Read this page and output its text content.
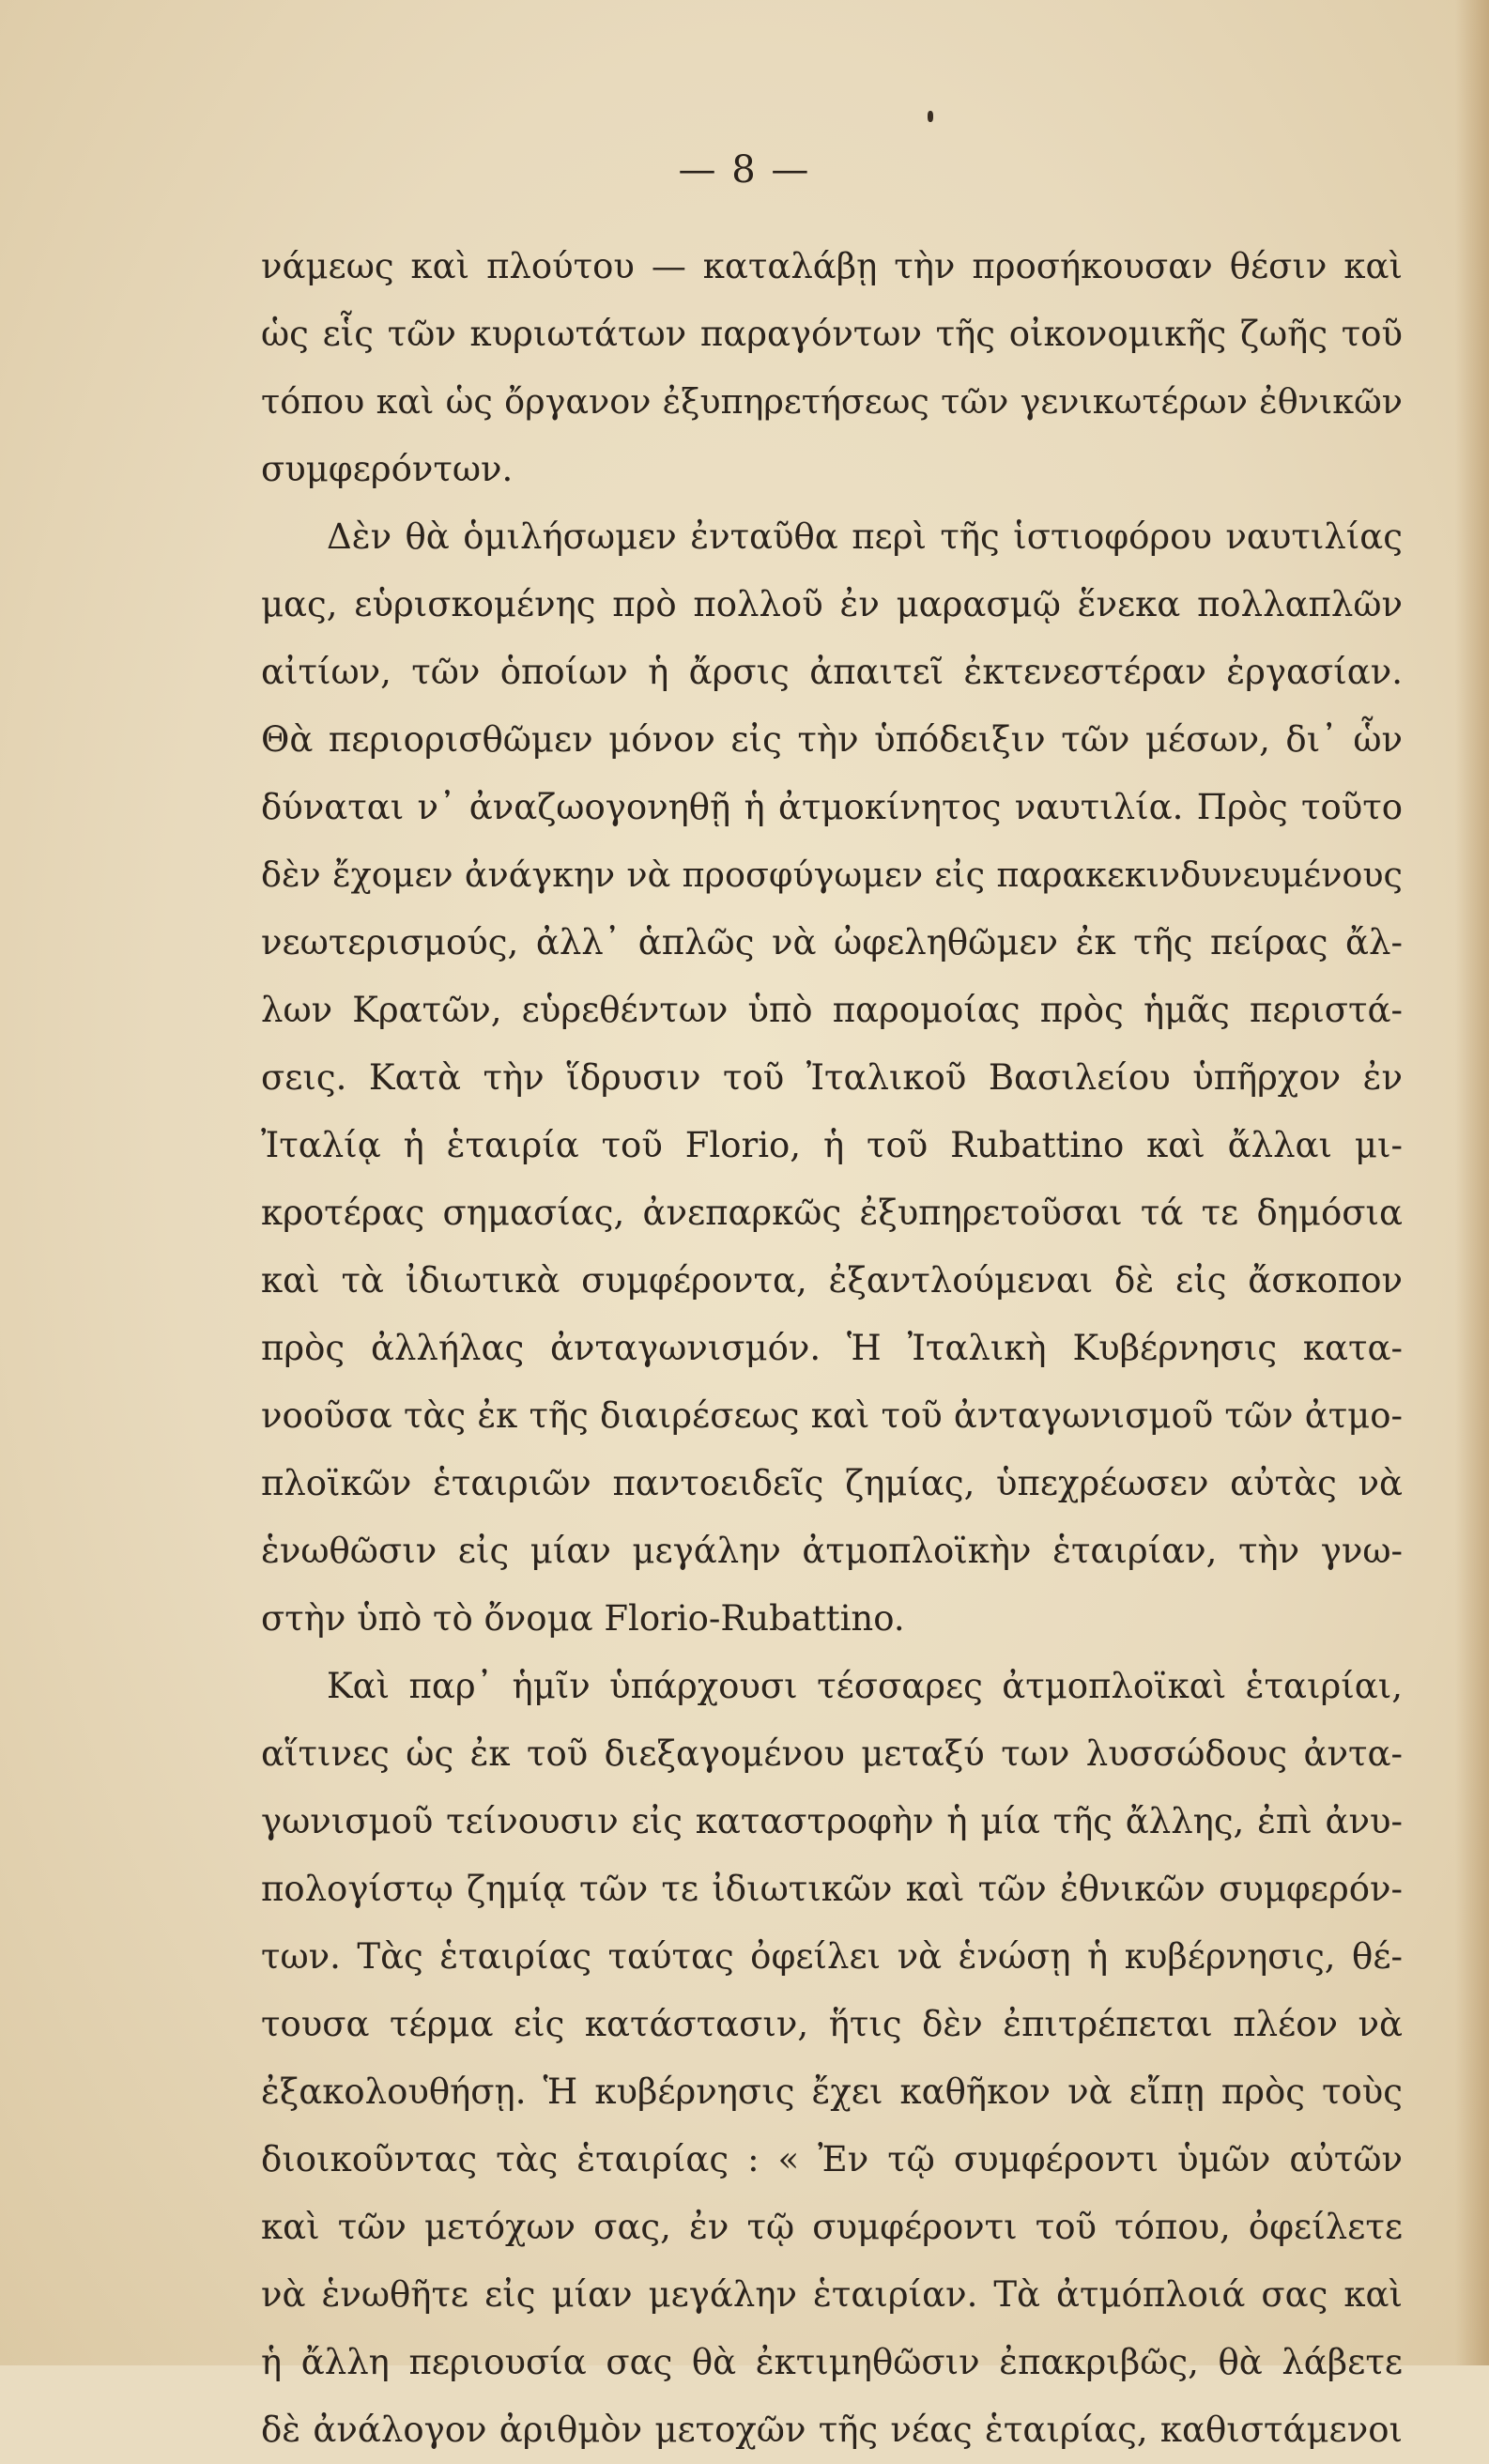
— 8 —
νάμεως καὶ πλούτου — καταλάβῃ τὴν προσήκουσαν θέσιν καὶ
ὡς εἷς τῶν κυριωτάτων παραγόντων τῆς οἰκονομικῆς ζωῆς τοῦ
τόπου καὶ ὡς ὄργανον ἐξυπηρετήσεως τῶν γενικωτέρων ἐθνικῶν
συμφερόντων.
Δὲν θὰ ὁμιλήσωμεν ἐνταῦθα περὶ τῆς ἱστιοφόρου ναυτιλίας
μας, εὑρισκομένης πρὸ πολλοῦ ἐν μαρασμῷ ἕνεκα πολλαπλῶν
αἰτίων, τῶν ὁποίων ἡ ἄρσις ἀπαιτεῖ ἐκτενεστέραν ἐργασίαν.
Θὰ περιορισθῶμεν μόνον εἰς τὴν ὑπόδειξιν τῶν μέσων, δι᾽ ὧν
δύναται ν᾽ ἀναζωογονηθῇ ἡ ἀτμοκίνητος ναυτιλία. Πρὸς τοῦτο
δὲν ἔχομεν ἀνάγκην νὰ προσφύγωμεν εἰς παρακεκινδυνευμένους
νεωτερισμούς, ἀλλ᾽ ἁπλῶς νὰ ὠφεληθῶμεν ἐκ τῆς πείρας ἄλ-
λων Κρατῶν, εὑρεθέντων ὑπὸ παρομοίας πρὸς ἡμᾶς περιστά-
σεις. Κατὰ τὴν ἵδρυσιν τοῦ Ἰταλικοῦ Βασιλείου ὑπῆρχον ἐν
Ἰταλίᾳ ἡ ἑταιρία τοῦ Florio, ἡ τοῦ Rubattino καὶ ἄλλαι μι-
κροτέρας σημασίας, ἀνεπαρκῶς ἐξυπηρετοῦσαι τά τε δημόσια
καὶ τὰ ἰδιωτικὰ συμφέροντα, ἐξαντλούμεναι δὲ εἰς ἄσκοπον
πρὸς ἀλλήλας ἀνταγωνισμόν. Ἡ Ἰταλικὴ Κυβέρνησις κατα-
νοοῦσα τὰς ἐκ τῆς διαιρέσεως καὶ τοῦ ἀνταγωνισμοῦ τῶν ἀτμο-
πλοϊκῶν ἑταιριῶν παντοειδεῖς ζημίας, ὑπεχρέωσεν αὐτὰς νὰ
ἑνωθῶσιν εἰς μίαν μεγάλην ἀτμοπλοϊκὴν ἑταιρίαν, τὴν γνω-
στὴν ὑπὸ τὸ ὄνομα Florio-Rubattino.
Καὶ παρ᾽ ἡμῖν ὑπάρχουσι τέσσαρες ἀτμοπλοϊκαὶ ἑταιρίαι,
αἵτινες ὡς ἐκ τοῦ διεξαγομένου μεταξύ των λυσσώδους ἀντα-
γωνισμοῦ τείνουσιν εἰς καταστροφὴν ἡ μία τῆς ἄλλης, ἐπὶ ἀνυ-
πολογίστῳ ζημίᾳ τῶν τε ἰδιωτικῶν καὶ τῶν ἐθνικῶν συμφερόν-
των. Τὰς ἑταιρίας ταύτας ὀφείλει νὰ ἑνώσῃ ἡ κυβέρνησις, θέ-
τουσα τέρμα εἰς κατάστασιν, ἥτις δὲν ἐπιτρέπεται πλέον νὰ
ἐξακολουθήσῃ. Ἡ κυβέρνησις ἔχει καθῆκον νὰ εἴπῃ πρὸς τοὺς
διοικοῦντας τὰς ἑταιρίας : « Ἐν τῷ συμφέροντι ὑμῶν αὐτῶν
καὶ τῶν μετόχων σας, ἐν τῷ συμφέροντι τοῦ τόπου, ὀφείλετε
νὰ ἑνωθῆτε εἰς μίαν μεγάλην ἑταιρίαν. Τὰ ἀτμόπλοιά σας καὶ
ἡ ἄλλη περιουσία σας θὰ ἐκτιμηθῶσιν ἐπακριβῶς, θὰ λάβετε
δὲ ἀνάλογον ἀριθμὸν μετοχῶν τῆς νέας ἑταιρίας, καθιστάμενοι
